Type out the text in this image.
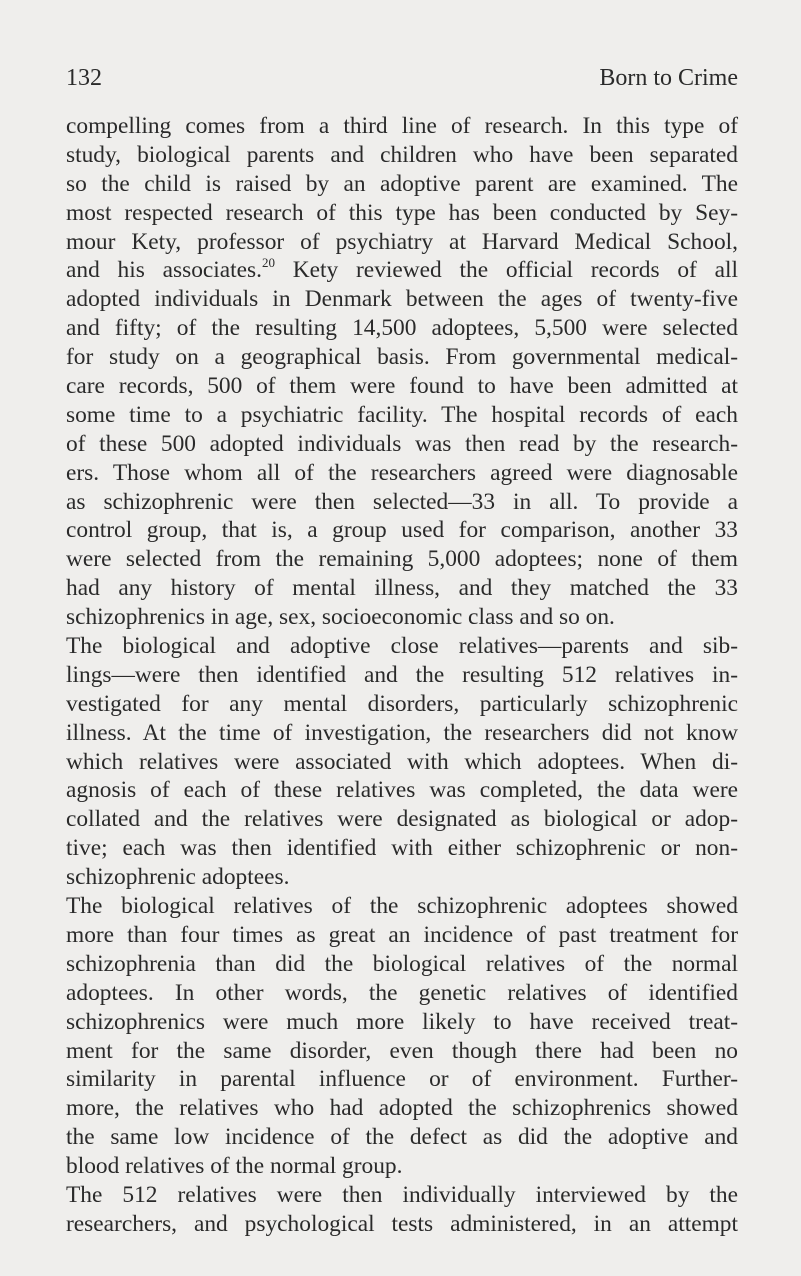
132	Born to Crime
compelling comes from a third line of research. In this type of
study, biological parents and children who have been separated
so the child is raised by an adoptive parent are examined. The
most respected research of this type has been conducted by Sey-
mour Kety, professor of psychiatry at Harvard Medical School,
and his associates.$^{20}$ Kety reviewed the official records of all
adopted individuals in Denmark between the ages of twenty-five
and fifty; of the resulting 14,500 adoptees, 5,500 were selected
for study on a geographical basis. From governmental medical-
care records, 500 of them were found to have been admitted at
some time to a psychiatric facility. The hospital records of each
of these 500 adopted individuals was then read by the research-
ers. Those whom all of the researchers agreed were diagnosable
as schizophrenic were then selected—33 in all. To provide a
control group, that is, a group used for comparison, another 33
were selected from the remaining 5,000 adoptees; none of them
had any history of mental illness, and they matched the 33
schizophrenics in age, sex, socioeconomic class and so on.
The biological and adoptive close relatives—parents and sib-
lings—were then identified and the resulting 512 relatives in-
vestigated for any mental disorders, particularly schizophrenic
illness. At the time of investigation, the researchers did not know
which relatives were associated with which adoptees. When di-
agnosis of each of these relatives was completed, the data were
collated and the relatives were designated as biological or adop-
tive; each was then identified with either schizophrenic or non-
schizophrenic adoptees.
The biological relatives of the schizophrenic adoptees showed
more than four times as great an incidence of past treatment for
schizophrenia than did the biological relatives of the normal
adoptees. In other words, the genetic relatives of identified
schizophrenics were much more likely to have received treat-
ment for the same disorder, even though there had been no
similarity in parental influence or of environment. Further-
more, the relatives who had adopted the schizophrenics showed
the same low incidence of the defect as did the adoptive and
blood relatives of the normal group.
The 512 relatives were then individually interviewed by the
researchers, and psychological tests administered, in an attempt
